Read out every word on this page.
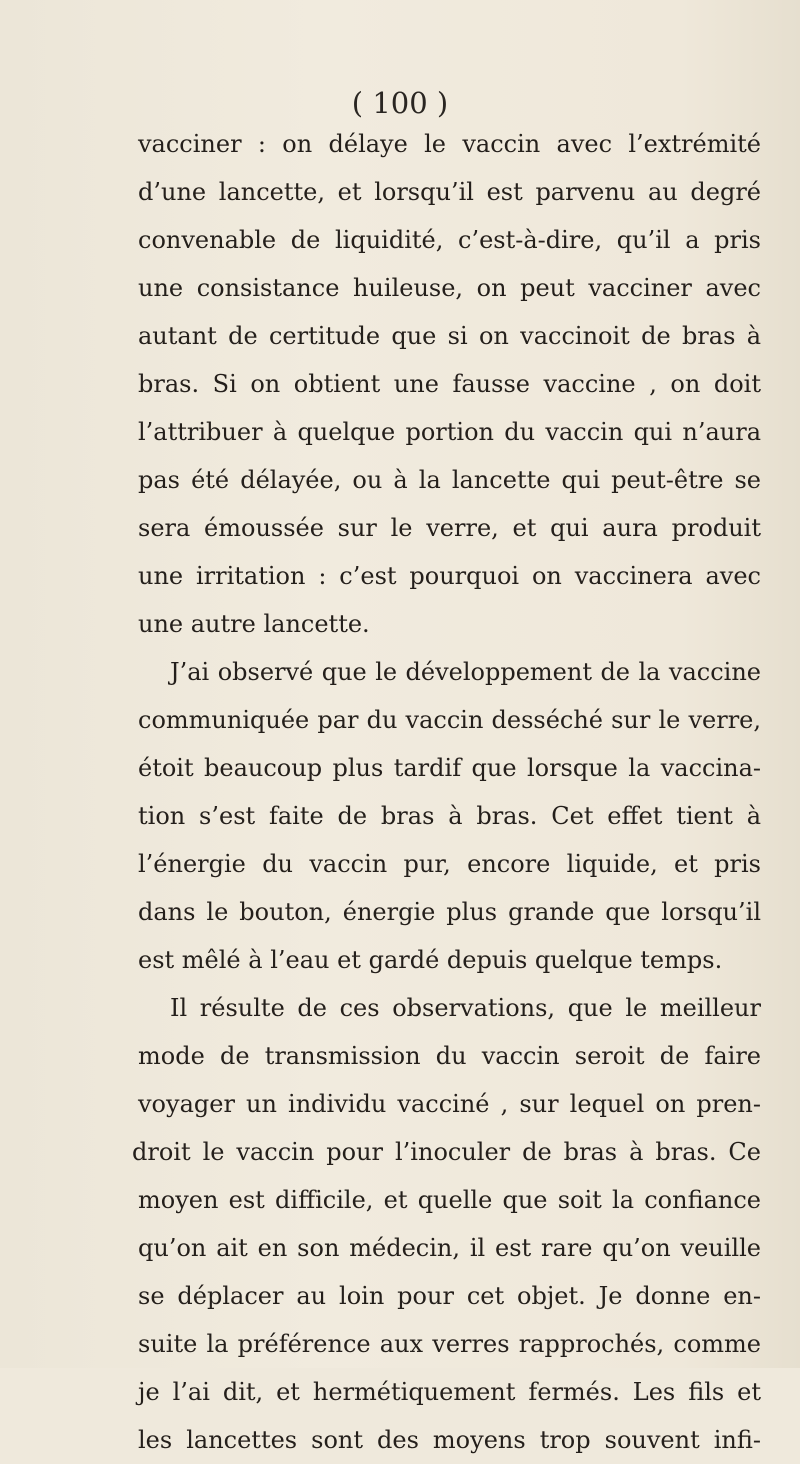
( 100 )
vacciner : on délaye le vaccin avec l’extrémité
d’une lancette, et lorsqu’il est parvenu au degré
convenable de liquidité, c’est-à-dire, qu’il a pris
une consistance huileuse, on peut vacciner avec
autant de certitude que si on vaccinoit de bras à
bras. Si on obtient une fausse vaccine , on doit
l’attribuer à quelque portion du vaccin qui n’aura
pas été délayée, ou à la lancette qui peut-être se
sera émoussée sur le verre, et qui aura produit
une irritation : c’est pourquoi on vaccinera avec
une autre lancette.
J’ai observé que le développement de la vaccine
communiquée par du vaccin desséché sur le verre,
étoit beaucoup plus tardif que lorsque la vaccina-
tion s’est faite de bras à bras. Cet effet tient à
l’énergie du vaccin pur, encore liquide, et pris
dans le bouton, énergie plus grande que lorsqu’il
est mêlé à l’eau et gardé depuis quelque temps.
Il résulte de ces observations, que le meilleur
mode de transmission du vaccin seroit de faire
voyager un individu vacciné , sur lequel on pren-
droit le vaccin pour l’inoculer de bras à bras. Ce
moyen est difficile, et quelle que soit la confiance
qu’on ait en son médecin, il est rare qu’on veuille
se déplacer au loin pour cet objet. Je donne en-
suite la préférence aux verres rapprochés, comme
je l’ai dit, et hermétiquement fermés. Les fils et
les lancettes sont des moyens trop souvent infi-
